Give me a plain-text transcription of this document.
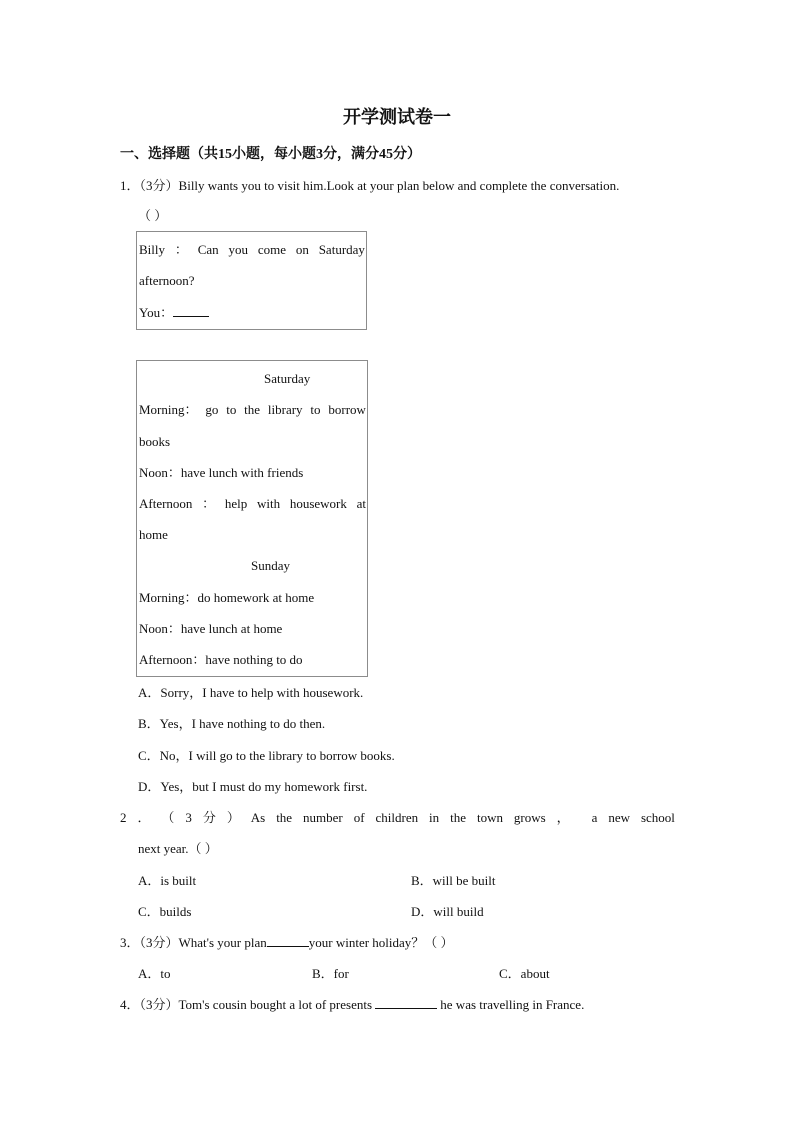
开学测试卷一
一、选择题（共15小题，每小题3分，满分45分）
1．（3分）Billy wants you to visit him.Look at your plan below and complete the conversation.
（ ）
Billy ： Can you come on Saturday
afternoon?
You：
Saturday
Morning： go to the library to borrow
books
Noon：have lunch with friends
Afternoon ： help with housework at
home
Sunday
Morning：do homework at home
Noon：have lunch at home
Afternoon：have nothing to do
A．Sorry，I have to help with housework.
B．Yes，I have nothing to do then.
C．No，I will go to the library to borrow books.
D．Yes，but I must do my homework first.
2 ． （ 3 分 ） As the number of children in the town grows ， a new school
next year.（ ）
A．is built	B．will be built
C．builds	D．will build
3．（3分）What's your plan	your winter holiday？（ ）
A．to	B．for	C．about
4．（3分）Tom's cousin bought a lot of presents	he was travelling in France.
